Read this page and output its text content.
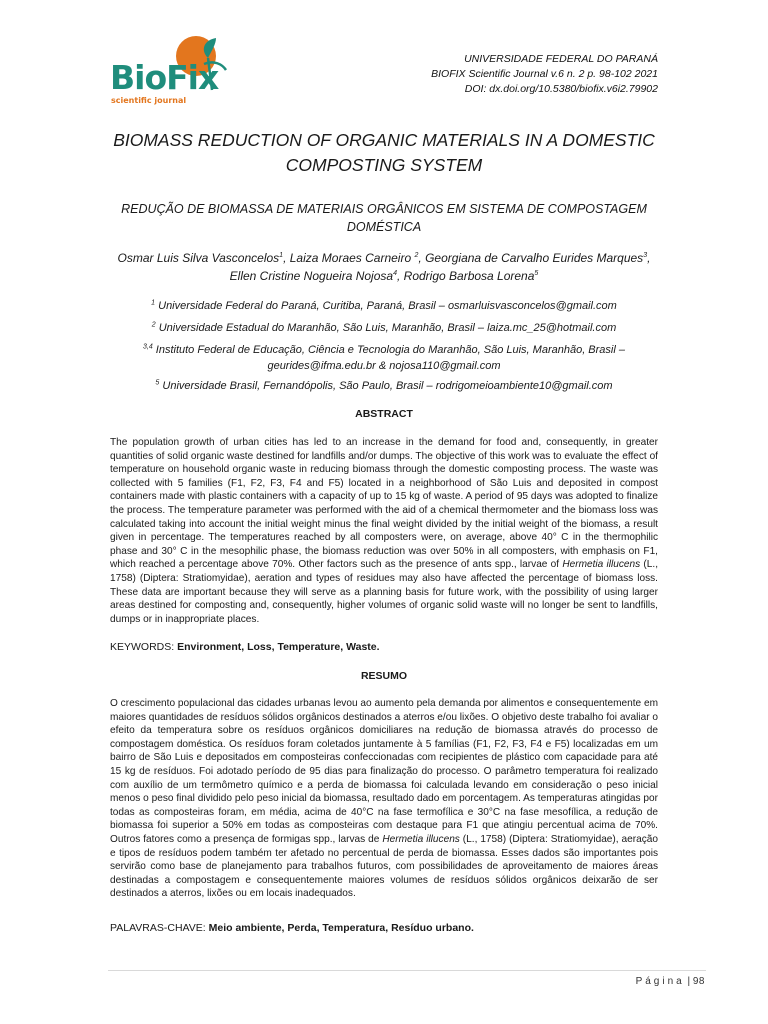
BioFix
scientific journal
UNIVERSIDADE FEDERAL DO PARANÁ
BIOFIX Scientific Journal v.6 n. 2 p. 98-102 2021
DOI: dx.doi.org/10.5380/biofix.v6i2.79902
BIOMASS REDUCTION OF ORGANIC MATERIALS IN A DOMESTIC COMPOSTING SYSTEM
REDUÇÃO DE BIOMASSA DE MATERIAIS ORGÂNICOS EM SISTEMA DE COMPOSTAGEM DOMÉSTICA
Osmar Luis Silva Vasconcelos$^1$, Laiza Moraes Carneiro $^2$, Georgiana de Carvalho Eurides Marques$^3$, Ellen Cristine Nogueira Nojosa$^4$, Rodrigo Barbosa Lorena$^5$
$^1$ Universidade Federal do Paraná, Curitiba, Paraná, Brasil – osmarluisvasconcelos@gmail.com
$^2$ Universidade Estadual do Maranhão, São Luis, Maranhão, Brasil – laiza.mc_25@hotmail.com
$^{3,4}$ Instituto Federal de Educação, Ciência e Tecnologia do Maranhão, São Luis, Maranhão, Brasil – geurides@ifma.edu.br & nojosa110@gmail.com
$^5$ Universidade Brasil, Fernandópolis, São Paulo, Brasil – rodrigomeioambiente10@gmail.com
ABSTRACT
The population growth of urban cities has led to an increase in the demand for food and, consequently, in greater quantities of solid organic waste destined for landfills and/or dumps. The objective of this work was to evaluate the effect of temperature on household organic waste in reducing biomass through the domestic composting process. The waste was collected with 5 families (F1, F2, F3, F4 and F5) located in a neighborhood of São Luis and deposited in compost containers made with plastic containers with a capacity of up to 15 kg of waste. A period of 95 days was adopted to finalize the process. The temperature parameter was performed with the aid of a chemical thermometer and the biomass loss was calculated taking into account the initial weight minus the final weight divided by the initial weight of the biomass, a result given in percentage. The temperatures reached by all composters were, on average, above 40° C in the thermophilic phase and 30° C in the mesophilic phase, the biomass reduction was over 50% in all composters, with emphasis on F1, which reached a percentage above 70%. Other factors such as the presence of ants spp., larvae of Hermetia illucens (L., 1758) (Diptera: Stratiomyidae), aeration and types of residues may also have affected the percentage of biomass loss. These data are important because they will serve as a planning basis for future work, with the possibility of using larger areas destined for composting and, consequently, higher volumes of organic solid waste will no longer be sent to landfills, dumps or in inappropriate places.
KEYWORDS: Environment, Loss, Temperature, Waste.
RESUMO
O crescimento populacional das cidades urbanas levou ao aumento pela demanda por alimentos e consequentemente em maiores quantidades de resíduos sólidos orgânicos destinados a aterros e/ou lixões. O objetivo deste trabalho foi avaliar o efeito da temperatura sobre os resíduos orgânicos domiciliares na redução de biomassa através do processo de compostagem doméstica. Os resíduos foram coletados juntamente à 5 famílias (F1, F2, F3, F4 e F5) localizadas em um bairro de São Luis e depositados em composteiras confeccionadas com recipientes de plástico com capacidade para até 15 kg de resíduos. Foi adotado período de 95 dias para finalização do processo. O parâmetro temperatura foi realizado com auxílio de um termômetro químico e a perda de biomassa foi calculada levando em consideração o peso inicial menos o peso final dividido pelo peso inicial da biomassa, resultado dado em porcentagem. As temperaturas atingidas por todas as composteiras foram, em média, acima de 40°C na fase termofílica e 30°C na fase mesofílica, a redução de biomassa foi superior a 50% em todas as composteiras com destaque para F1 que atingiu percentual acima de 70%. Outros fatores como a presença de formigas spp., larvas de Hermetia illucens (L., 1758) (Diptera: Stratiomyidae), aeração e tipos de resíduos podem também ter afetado no percentual de perda de biomassa. Esses dados são importantes pois servirão como base de planejamento para trabalhos futuros, com possibilidades de aproveitamento de maiores áreas destinadas a compostagem e consequentemente maiores volumes de resíduos sólidos orgânicos deixarão de ser destinados a aterros, lixões ou em locais inadequados.
PALAVRAS-CHAVE: Meio ambiente, Perda, Temperatura, Resíduo urbano.
Página | 98
